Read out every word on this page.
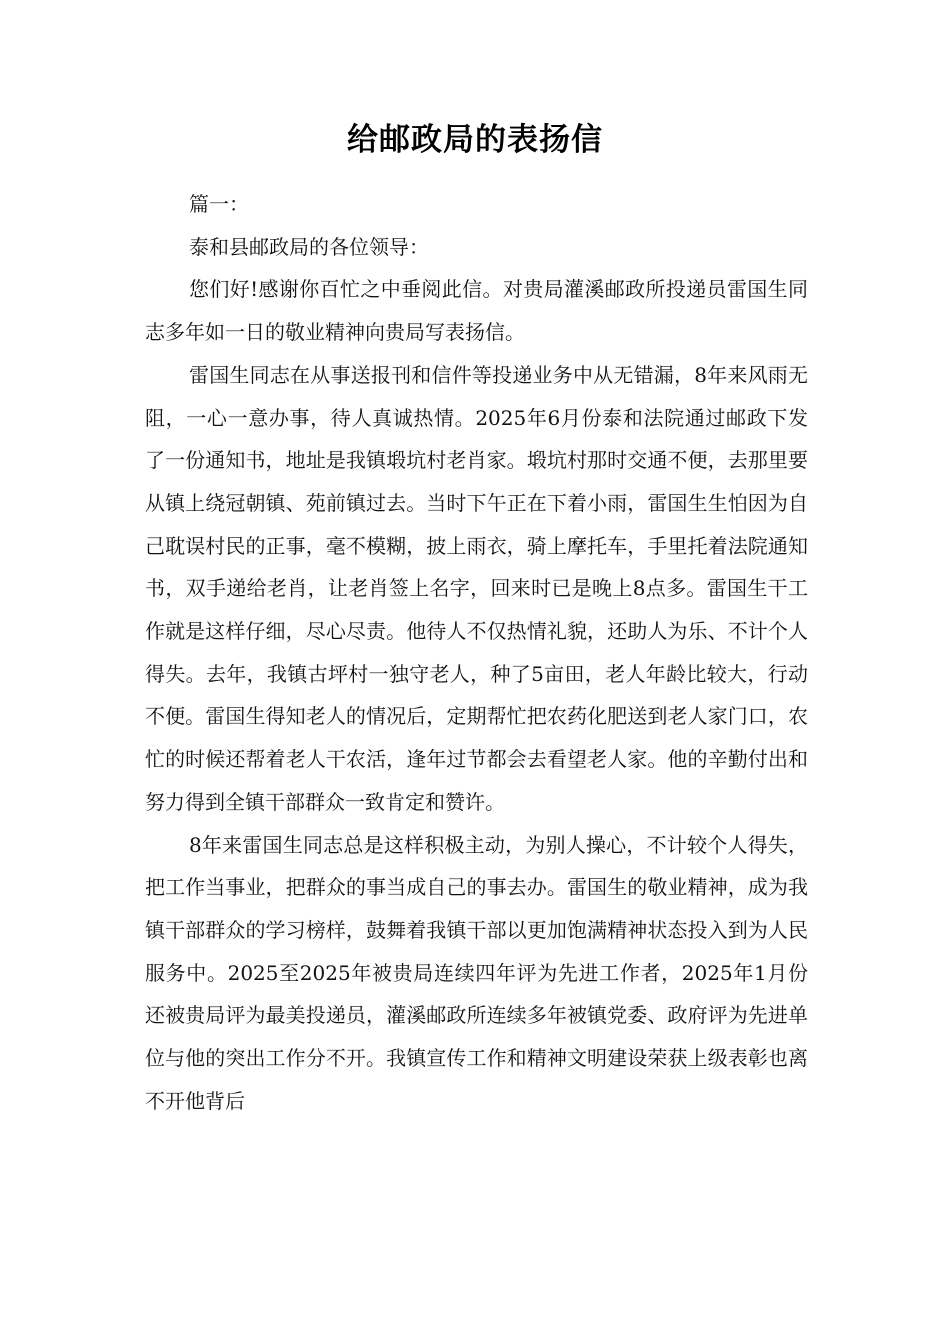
给邮政局的表扬信

篇一：

泰和县邮政局的各位领导：

您们好!感谢你百忙之中垂阅此信。对贵局灌溪邮政所投递员雷国生同志多年如一日的敬业精神向贵局写表扬信。

雷国生同志在从事送报刊和信件等投递业务中从无错漏，8年来风雨无阻，一心一意办事，待人真诚热情。2025年6月份泰和法院通过邮政下发了一份通知书，地址是我镇塅坑村老肖家。塅坑村那时交通不便，去那里要从镇上绕冠朝镇、苑前镇过去。当时下午正在下着小雨，雷国生生怕因为自己耽误村民的正事，毫不模糊，披上雨衣，骑上摩托车，手里托着法院通知书，双手递给老肖，让老肖签上名字，回来时已是晚上8点多。雷国生干工作就是这样仔细，尽心尽责。他待人不仅热情礼貌，还助人为乐、不计个人得失。去年，我镇古坪村一独守老人，种了5亩田，老人年龄比较大，行动不便。雷国生得知老人的情况后，定期帮忙把农药化肥送到老人家门口，农忙的时候还帮着老人干农活，逢年过节都会去看望老人家。他的辛勤付出和努力得到全镇干部群众一致肯定和赞许。

8年来雷国生同志总是这样积极主动，为别人操心，不计较个人得失，把工作当事业，把群众的事当成自己的事去办。雷国生的敬业精神，成为我镇干部群众的学习榜样，鼓舞着我镇干部以更加饱满精神状态投入到为人民服务中。2025至2025年被贵局连续四年评为先进工作者，2025年1月份还被贵局评为最美投递员，灌溪邮政所连续多年被镇党委、政府评为先进单位与他的突出工作分不开。我镇宣传工作和精神文明建设荣获上级表彰也离不开他背后
